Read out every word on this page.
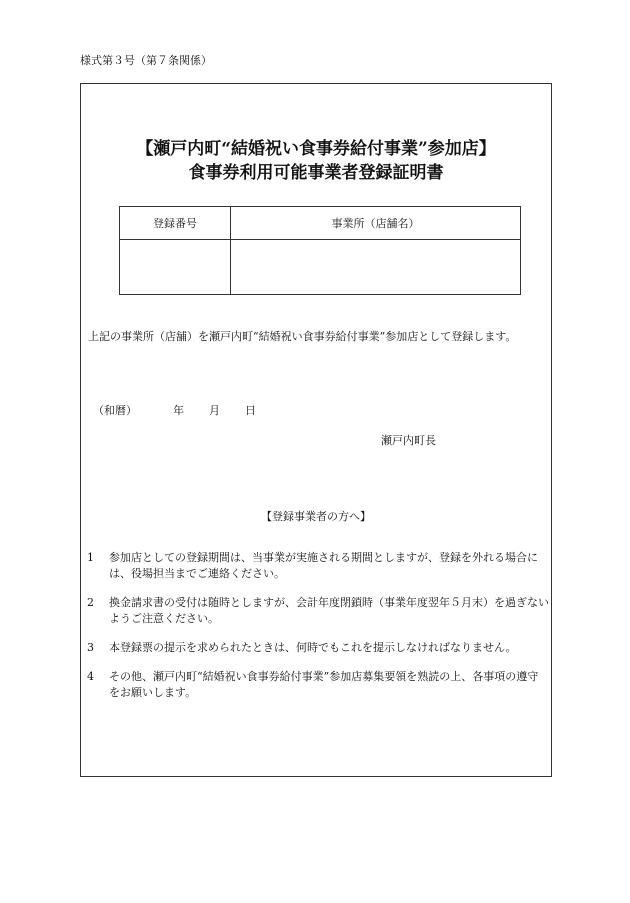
様式第３号（第７条関係）
【瀬戸内町“結婚祝い食事券給付事業”参加店】
食事券利用可能事業者登録証明書
登録番号	事業所（店舗名）

上記の事業所（店舗）を瀬戸内町“結婚祝い食事券給付事業”参加店として登録します。
（和暦）	年 月 日
瀬戸内町長
【登録事業者の方へ】
1	参加店としての登録期間は、当事業が実施される期間としますが、登録を外れる場合には、役場担当までご連絡ください。
2	換金請求書の受付は随時としますが、会計年度閉鎖時（事業年度翌年５月末）を過ぎないようご注意ください。
3	本登録票の提示を求められたときは、何時でもこれを提示しなければなりません。
4	その他、瀬戸内町“結婚祝い食事券給付事業”参加店募集要領を熟読の上、各事項の遵守をお願いします。
